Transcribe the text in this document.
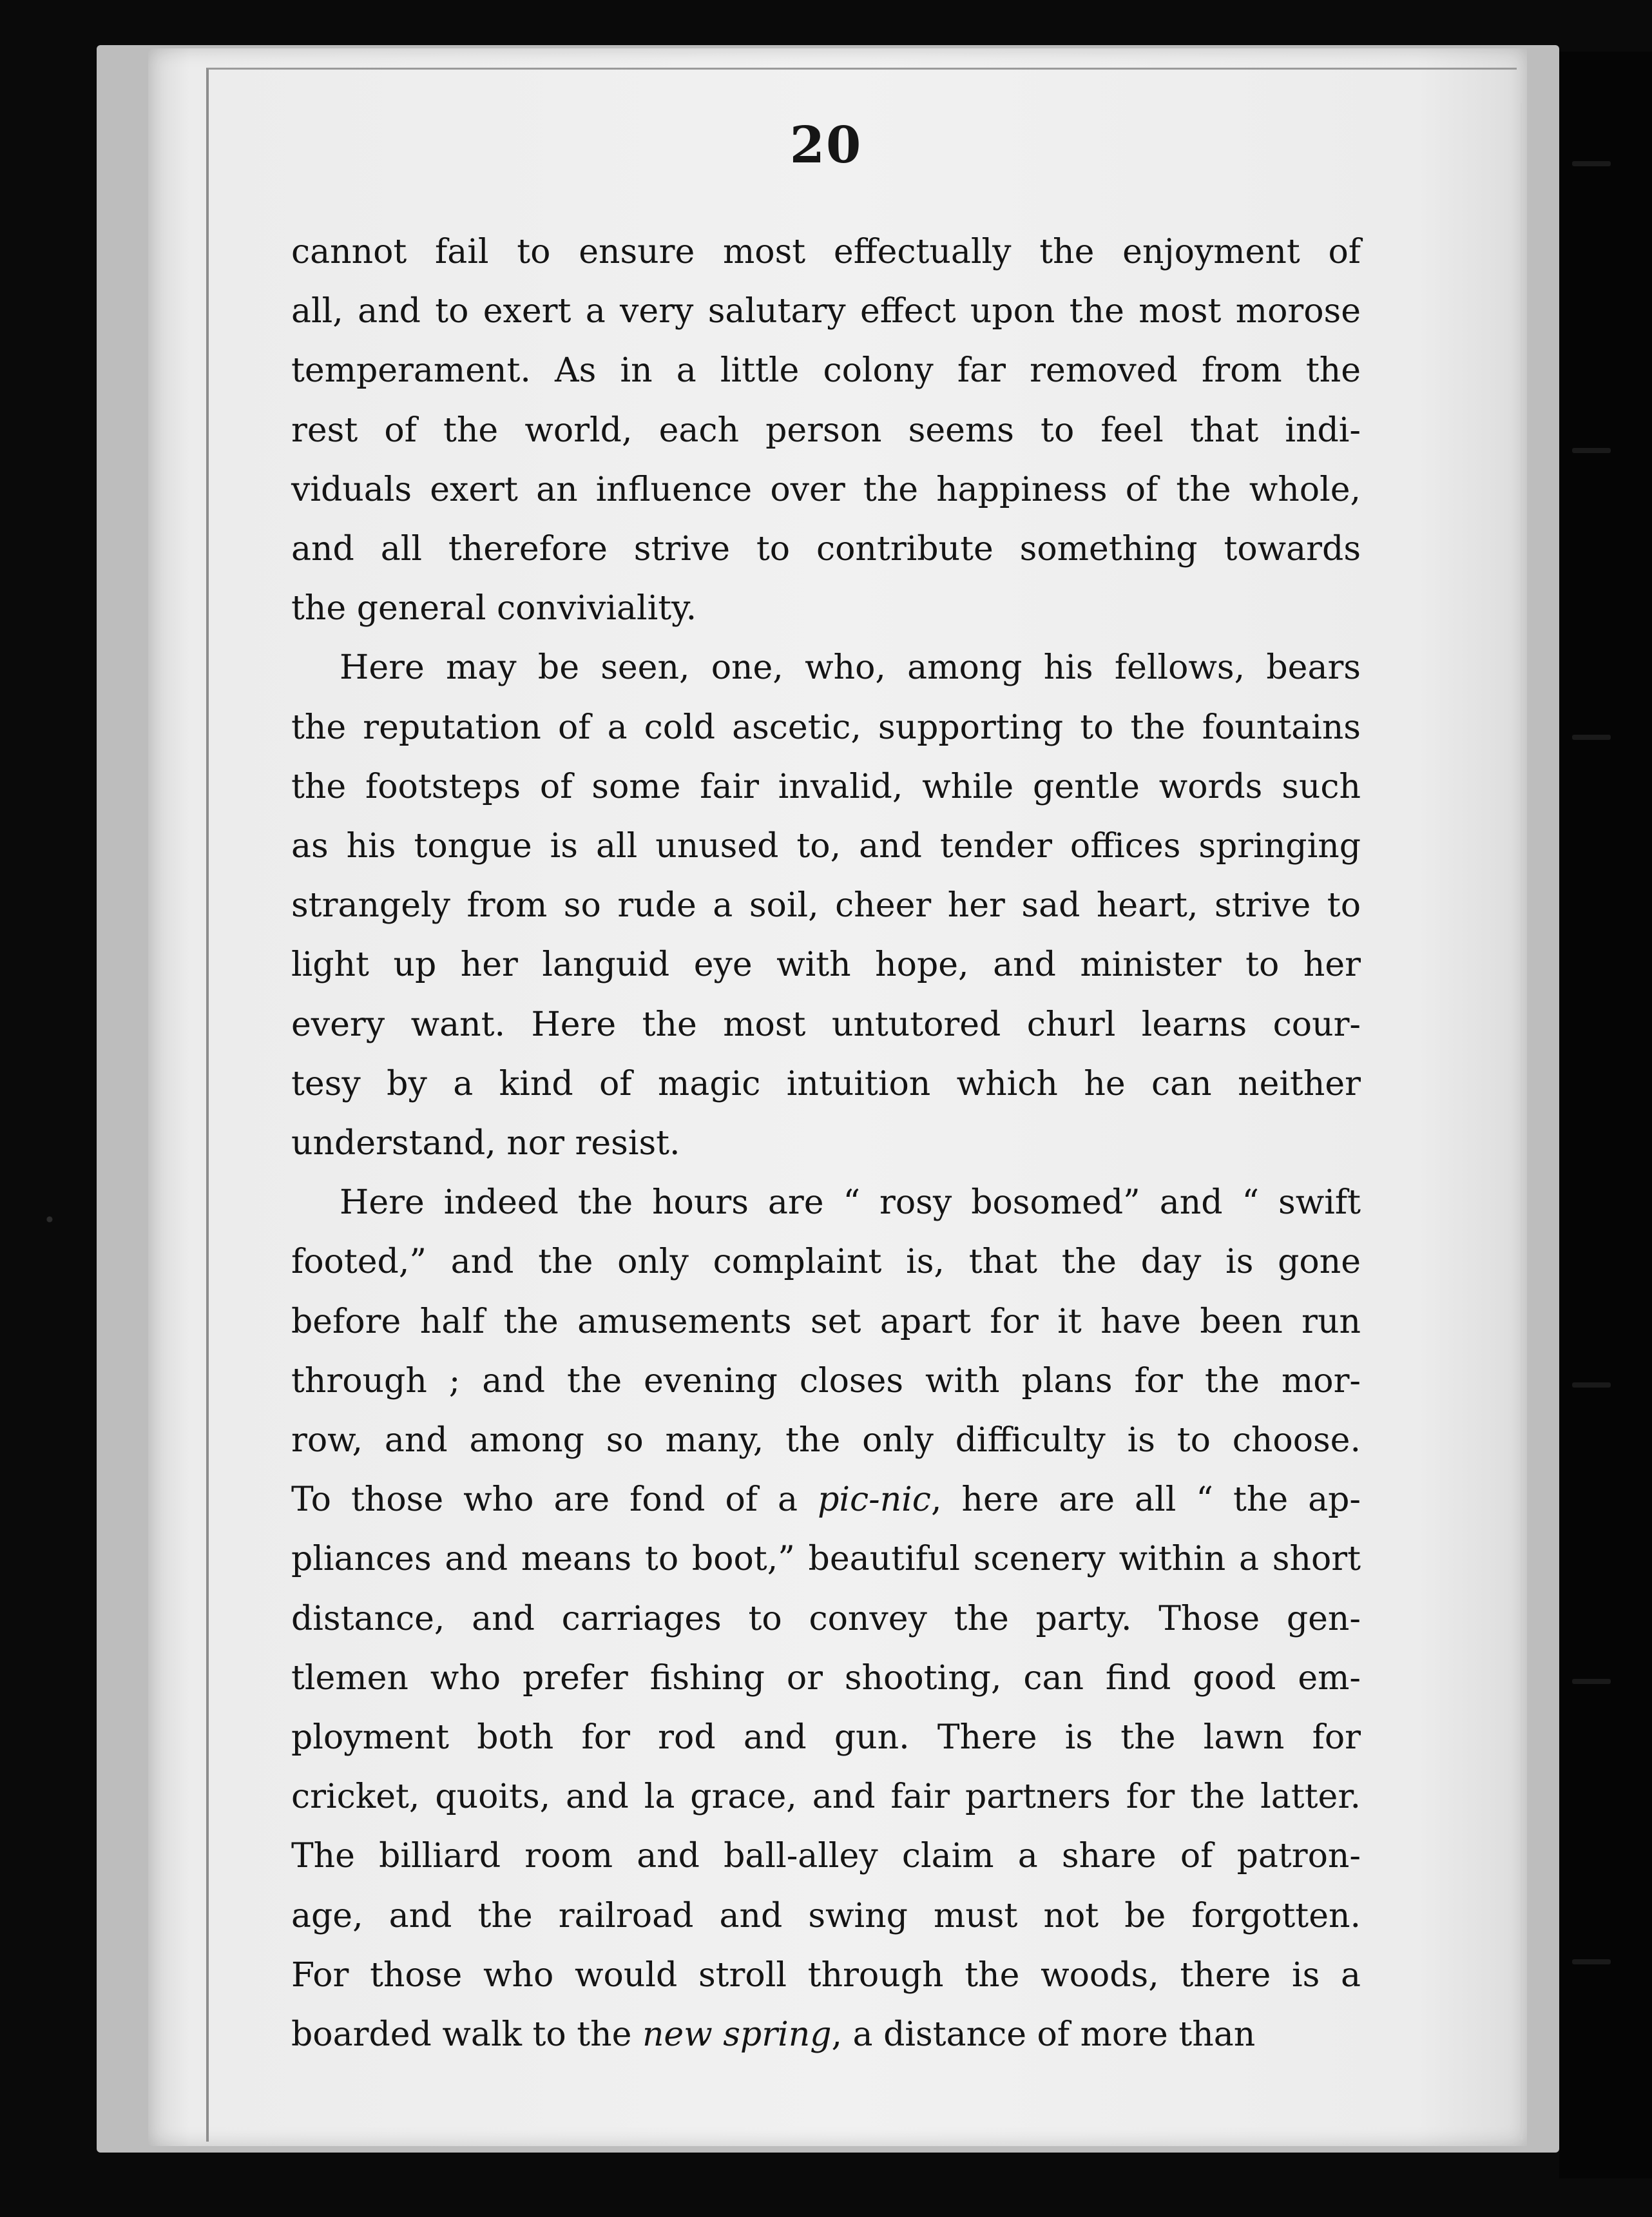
20

cannot fail to ensure most effectually the enjoyment of
all, and to exert a very salutary effect upon the most morose
temperament. As in a little colony far removed from the
rest of the world, each person seems to feel that indi-
viduals exert an influence over the happiness of the whole,
and all therefore strive to contribute something towards
the general conviviality.

Here may be seen, one, who, among his fellows, bears
the reputation of a cold ascetic, supporting to the fountains
the footsteps of some fair invalid, while gentle words such
as his tongue is all unused to, and tender offices springing
strangely from so rude a soil, cheer her sad heart, strive to
light up her languid eye with hope, and minister to her
every want. Here the most untutored churl learns cour-
tesy by a kind of magic intuition which he can neither
understand, nor resist.

Here indeed the hours are “ rosy bosomed” and “ swift
footed,” and the only complaint is, that the day is gone
before half the amusements set apart for it have been run
through ; and the evening closes with plans for the mor-
row, and among so many, the only difficulty is to choose.
To those who are fond of a pic-nic, here are all “ the ap-
pliances and means to boot,” beautiful scenery within a short
distance, and carriages to convey the party. Those gen-
tlemen who prefer fishing or shooting, can find good em-
ployment both for rod and gun. There is the lawn for
cricket, quoits, and la grace, and fair partners for the latter.
The billiard room and ball-alley claim a share of patron-
age, and the railroad and swing must not be forgotten.
For those who would stroll through the woods, there is a
boarded walk to the new spring, a distance of more than
